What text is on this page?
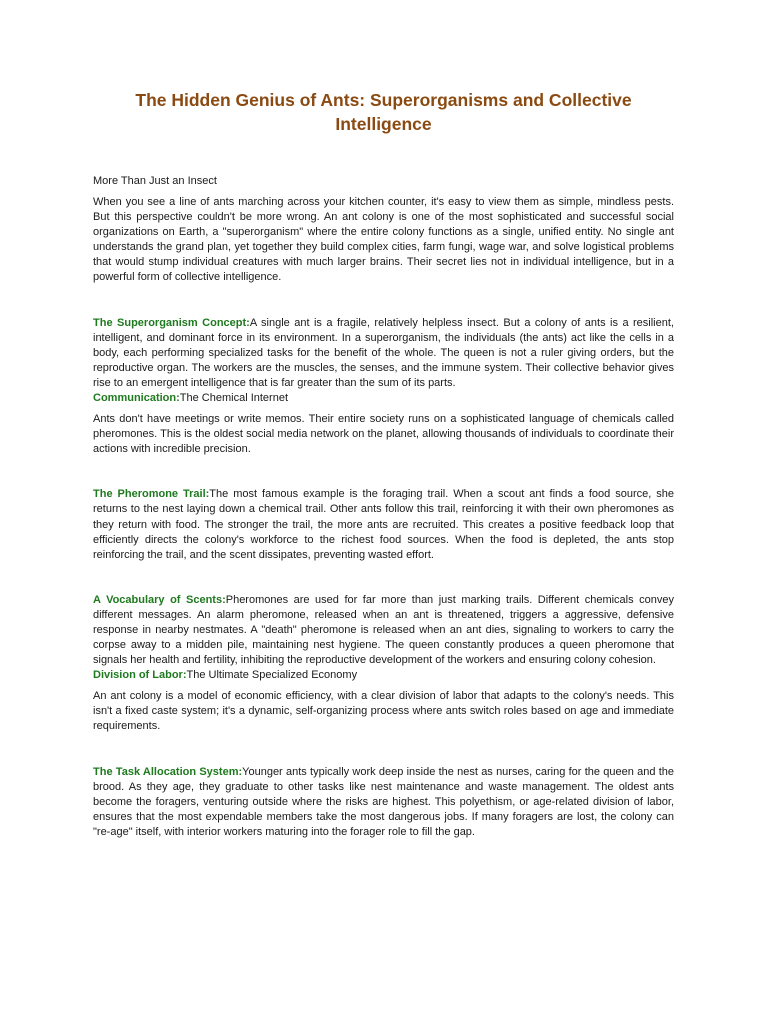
The Hidden Genius of Ants: Superorganisms and Collective Intelligence
More Than Just an Insect

When you see a line of ants marching across your kitchen counter, it's easy to view them as simple, mindless pests. But this perspective couldn't be more wrong. An ant colony is one of the most sophisticated and successful social organizations on Earth, a "superorganism" where the entire colony functions as a single, unified entity. No single ant understands the grand plan, yet together they build complex cities, farm fungi, wage war, and solve logistical problems that would stump individual creatures with much larger brains. Their secret lies not in individual intelligence, but in a powerful form of collective intelligence.

The Superorganism Concept:A single ant is a fragile, relatively helpless insect. But a colony of ants is a resilient, intelligent, and dominant force in its environment. In a superorganism, the individuals (the ants) act like the cells in a body, each performing specialized tasks for the benefit of the whole. The queen is not a ruler giving orders, but the reproductive organ. The workers are the muscles, the senses, and the immune system. Their collective behavior gives rise to an emergent intelligence that is far greater than the sum of its parts.

Communication:The Chemical Internet

Ants don't have meetings or write memos. Their entire society runs on a sophisticated language of chemicals called pheromones. This is the oldest social media network on the planet, allowing thousands of individuals to coordinate their actions with incredible precision.

The Pheromone Trail:The most famous example is the foraging trail. When a scout ant finds a food source, she returns to the nest laying down a chemical trail. Other ants follow this trail, reinforcing it with their own pheromones as they return with food. The stronger the trail, the more ants are recruited. This creates a positive feedback loop that efficiently directs the colony's workforce to the richest food sources. When the food is depleted, the ants stop reinforcing the trail, and the scent dissipates, preventing wasted effort.

A Vocabulary of Scents:Pheromones are used for far more than just marking trails. Different chemicals convey different messages. An alarm pheromone, released when an ant is threatened, triggers a aggressive, defensive response in nearby nestmates. A "death" pheromone is released when an ant dies, signaling to workers to carry the corpse away to a midden pile, maintaining nest hygiene. The queen constantly produces a queen pheromone that signals her health and fertility, inhibiting the reproductive development of the workers and ensuring colony cohesion.

Division of Labor:The Ultimate Specialized Economy

An ant colony is a model of economic efficiency, with a clear division of labor that adapts to the colony's needs. This isn't a fixed caste system; it's a dynamic, self-organizing process where ants switch roles based on age and immediate requirements.

The Task Allocation System:Younger ants typically work deep inside the nest as nurses, caring for the queen and the brood. As they age, they graduate to other tasks like nest maintenance and waste management. The oldest ants become the foragers, venturing outside where the risks are highest. This polyethism, or age-related division of labor, ensures that the most expendable members take the most dangerous jobs. If many foragers are lost, the colony can "re-age" itself, with interior workers maturing into the forager role to fill the gap.
